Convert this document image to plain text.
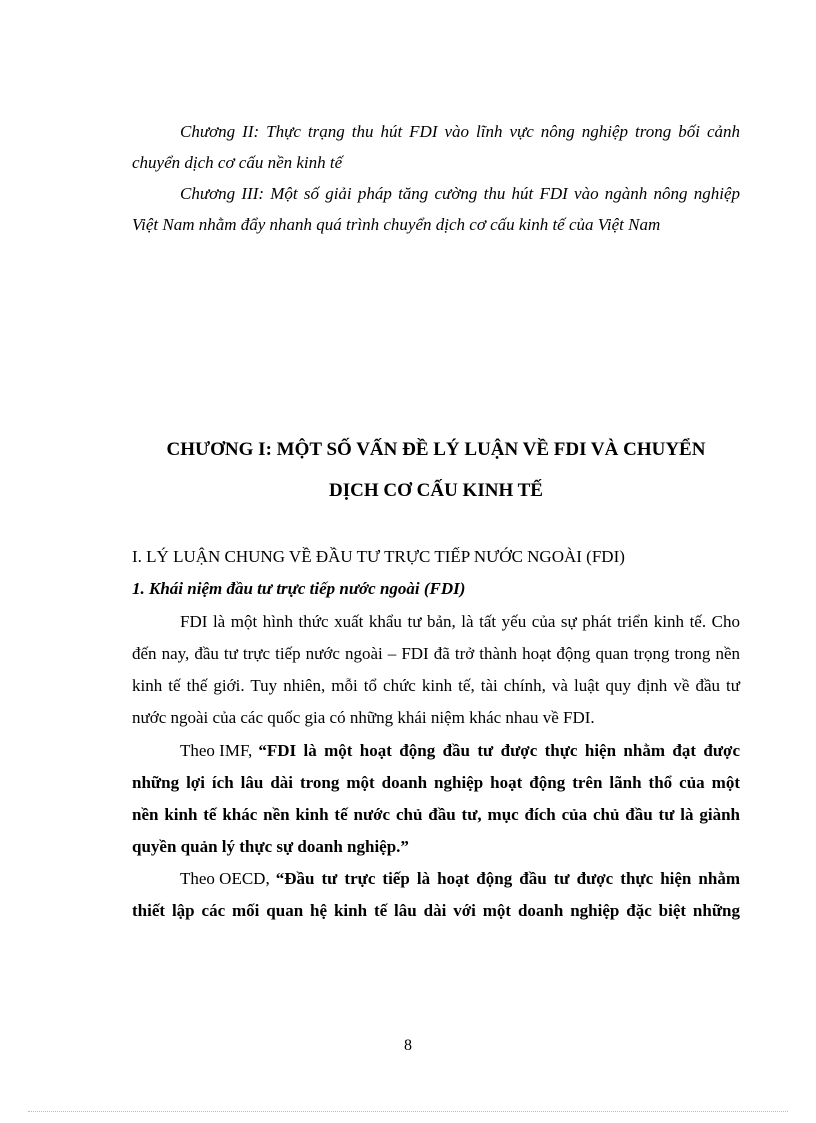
Chương II: Thực trạng thu hút FDI vào lĩnh vực nông nghiệp trong bối cảnh

chuyển dịch cơ cấu nền kinh tế

Chương III: Một số giải pháp tăng cường thu hút FDI vào ngành nông nghiệp

Việt Nam nhằm đẩy nhanh quá trình chuyển dịch cơ cấu kinh tế của Việt Nam

CHƯƠNG I: MỘT SỐ VẤN ĐỀ LÝ LUẬN VỀ FDI VÀ CHUYỂN

DỊCH CƠ CẤU KINH TẾ

I. LÝ LUẬN CHUNG VỀ ĐẦU TƯ TRỰC TIẾP NƯỚC NGOÀI (FDI)

1. Khái niệm đầu tư trực tiếp nước ngoài (FDI)

FDI là một hình thức xuất khẩu tư bản, là tất yếu của sự phát triển kinh tế. Cho

đến nay, đầu tư trực tiếp nước ngoài – FDI đã trở thành hoạt động quan trọng trong nền

kinh tế thế giới. Tuy nhiên, mỗi tổ chức kinh tế, tài chính, và luật quy định về đầu tư

nước ngoài của các quốc gia có những khái niệm khác nhau về FDI.

Theo IMF, “FDI là một hoạt động đầu tư được thực hiện nhằm đạt được

những lợi ích lâu dài trong một doanh nghiệp hoạt động trên lãnh thổ của một

nền kinh tế khác nền kinh tế nước chủ đầu tư, mục đích của chủ đầu tư là giành

quyền quản lý thực sự doanh nghiệp.”

Theo OECD, “Đầu tư trực tiếp là hoạt động đầu tư được thực hiện nhằm

thiết lập các mối quan hệ kinh tế lâu dài với một doanh nghiệp đặc biệt những

8
